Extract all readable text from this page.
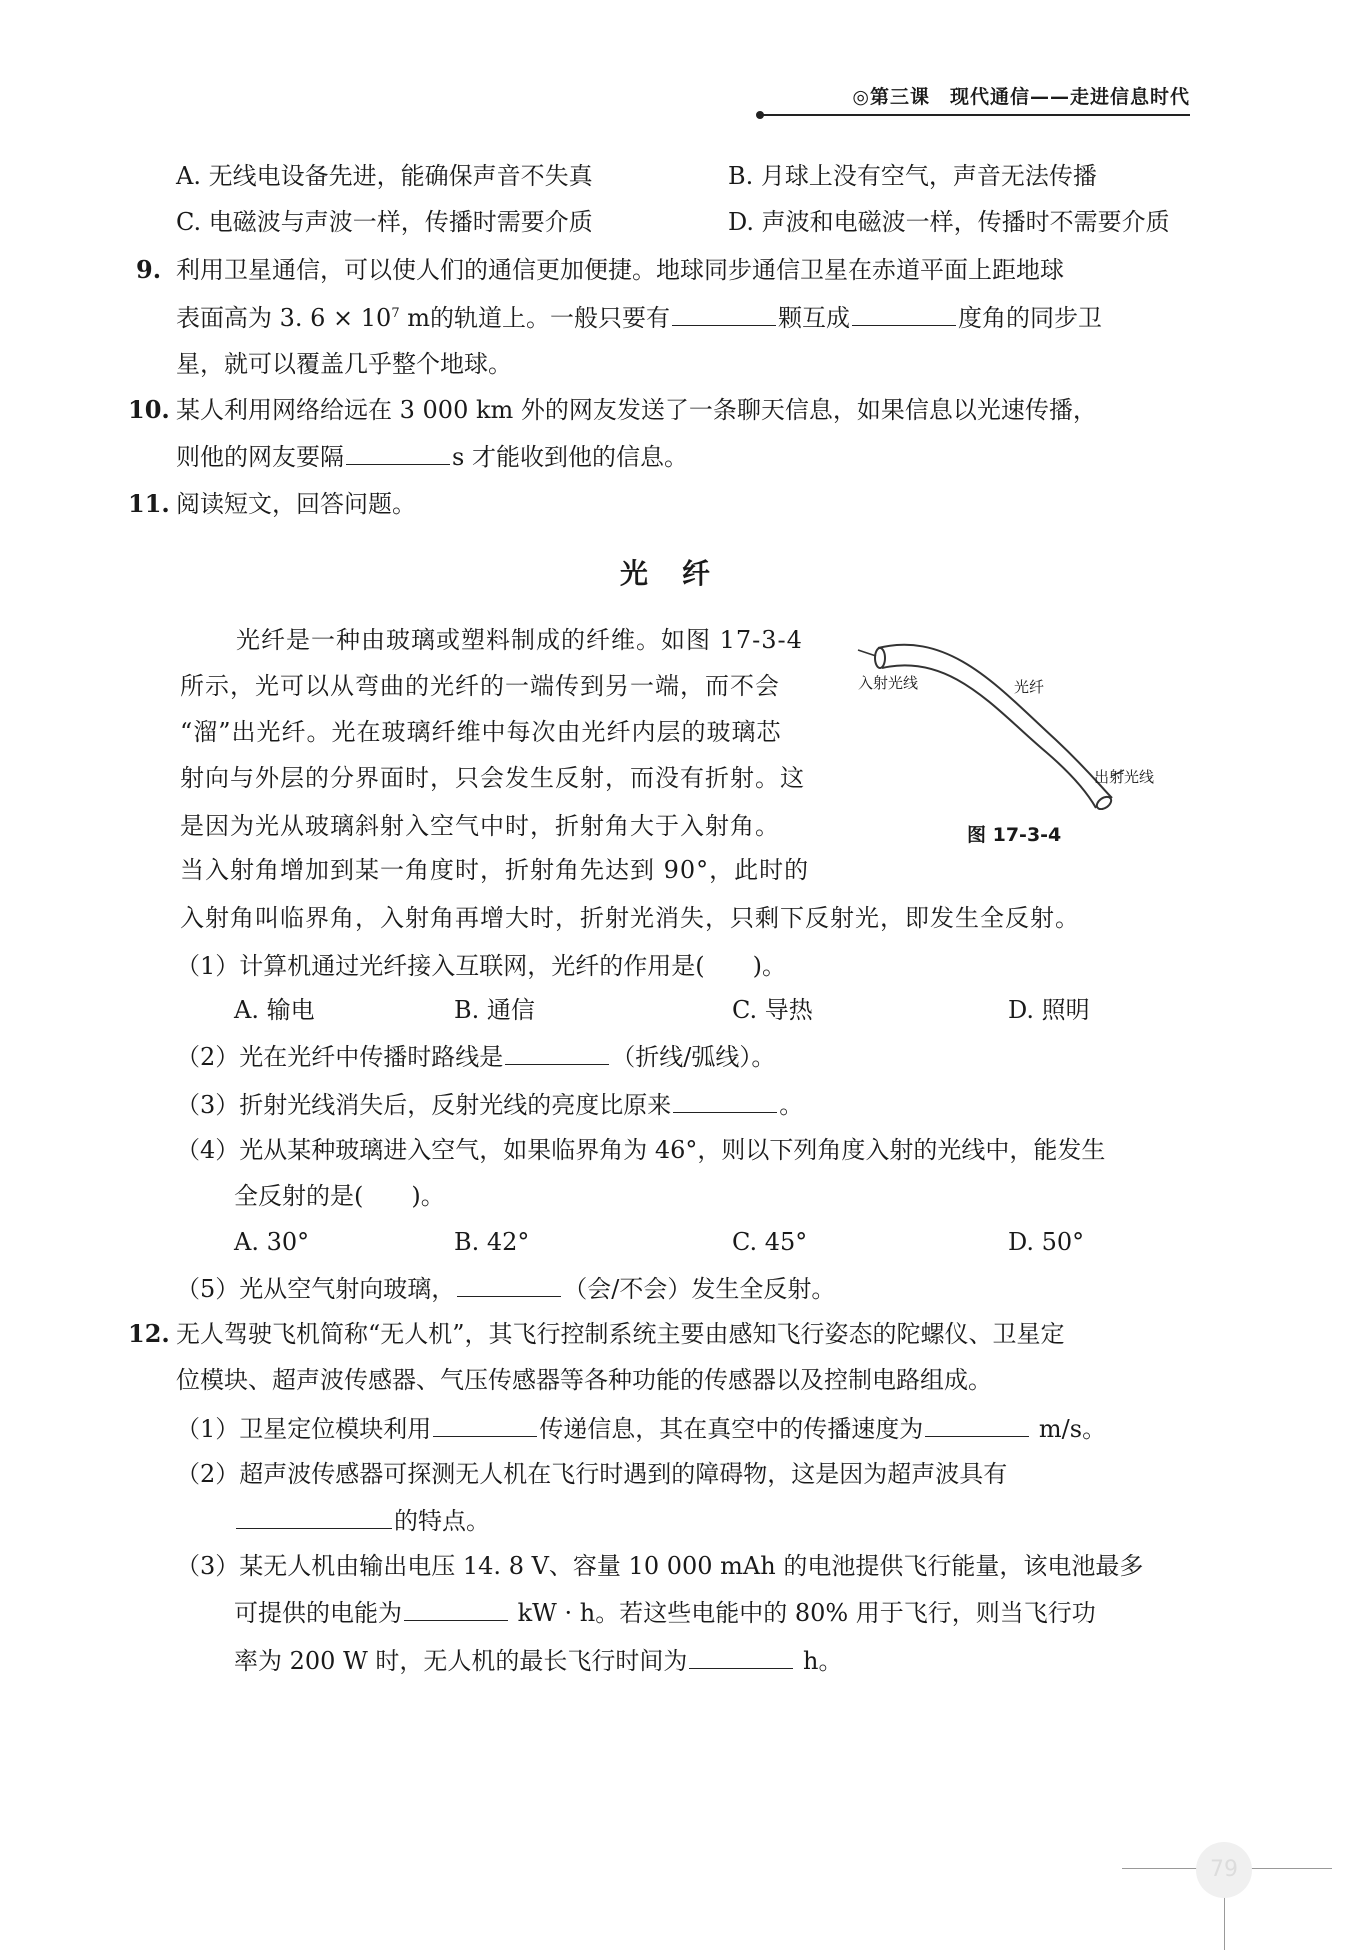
◎第三课　现代通信——走进信息时代
A. 无线电设备先进，能确保声音不失真	B. 月球上没有空气，声音无法传播
C. 电磁波与声波一样，传播时需要介质	D. 声波和电磁波一样，传播时不需要介质
9. 利用卫星通信，可以使人们的通信更加便捷。地球同步通信卫星在赤道平面上距地球
表面高为 3. $6 \times 10^7$ m的轨道上。一般只要有	颗互成	度角的同步卫
星，就可以覆盖几乎整个地球。
10. 某人利用网络给远在 3 000 km 外的网友发送了一条聊天信息，如果信息以光速传播，
则他的网友要隔	s 才能收到他的信息。
11. 阅读短文，回答问题。
光纤
光纤是一种由玻璃或塑料制成的纤维。如图 17-3-4
所示，光可以从弯曲的光纤的一端传到另一端，而不会
“溜”出光纤。光在玻璃纤维中每次由光纤内层的玻璃芯
射向与外层的分界面时，只会发生反射，而没有折射。这
是因为光从玻璃斜射入空气中时，折射角大于入射角。
当入射角增加到某一角度时，折射角先达到 90°，此时的
入射角叫临界角，入射角再增大时，折射光消失，只剩下反射光，即发生全反射。
入射光线	光纤
出射光线
图 17-3-4
（1）计算机通过光纤接入互联网，光纤的作用是(　　)。
A. 输电	B. 通信	C. 导热	D. 照明
（2）光在光纤中传播时路线是	（折线/弧线）。
（3）折射光线消失后，反射光线的亮度比原来	。
（4）光从某种玻璃进入空气，如果临界角为 46°，则以下列角度入射的光线中，能发生
全反射的是(　　)。
A. 30°	B. 42°	C. 45°	D. 50°
（5）光从空气射向玻璃，	（会/不会）发生全反射。
12. 无人驾驶飞机简称“无人机”，其飞行控制系统主要由感知飞行姿态的陀螺仪、卫星定
位模块、超声波传感器、气压传感器等各种功能的传感器以及控制电路组成。
（1）卫星定位模块利用	传递信息，其在真空中的传播速度为	m/s。
（2）超声波传感器可探测无人机在飞行时遇到的障碍物，这是因为超声波具有
的特点。
（3）某无人机由输出电压 14. 8 V、容量 10 000 mAh 的电池提供飞行能量，该电池最多
可提供的电能为	kW · h。若这些电能中的 80% 用于飞行，则当飞行功
率为 200 W 时，无人机的最长飞行时间为	h。
79
